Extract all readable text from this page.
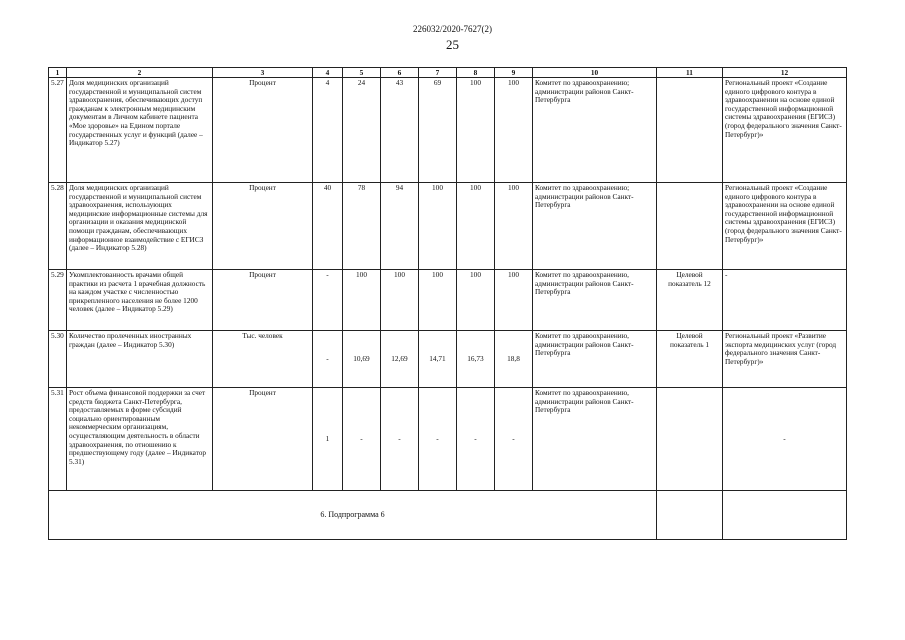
226032/2020-7627(2)
25
1	2	3	4	5	6	7	8	9	10	11	12
5.27	Доля медицинских организаций государственной и муниципальной систем здравоохранения, обеспечивающих доступ гражданам к электронным медицинским документам в Личном кабинете пациента «Мое здоровье» на Едином портале государственных услуг и функций (далее – Индикатор 5.27)	Процент	4	24	43	69	100	100	Комитет по здравоохранению; администрации районов Санкт-Петербурга		Региональный проект «Создание единого цифрового контура в здравоохранении на основе единой государственной информационной системы здравоохранения (ЕГИСЗ) (город федерального значения Санкт-Петербург)»
5.28	Доля медицинских организаций государственной и муниципальной систем здравоохранения, использующих медицинские информационные системы для организации и оказания медицинской помощи гражданам, обеспечивающих информационное взаимодействие с ЕГИСЗ (далее – Индикатор 5.28)	Процент	40	78	94	100	100	100	Комитет по здравоохранению; администрации районов Санкт-Петербурга		Региональный проект «Создание единого цифрового контура в здравоохранении на основе единой государственной информационной системы здравоохранения (ЕГИСЗ) (город федерального значения Санкт-Петербург)»
5.29	Укомплектованность врачами общей практики из расчета 1 врачебная должность на каждом участке с численностью прикрепленного населения не более 1200 человек (далее – Индикатор 5.29)	Процент	-	100	100	100	100	100	Комитет по здравоохранению, администрации районов Санкт-Петербурга	Целевой показатель 12	-
5.30	Количество пролеченных иностранных граждан (далее – Индикатор 5.30)	Тыс. человек	-	10,69	12,69	14,71	16,73	18,8	Комитет по здравоохранению, администрации районов Санкт-Петербурга	Целевой показатель 1	Региональный проект «Развитие экспорта медицинских услуг (город федерального значения Санкт-Петербург)»
5.31	Рост объема финансовой поддержки за счет средств бюджета Санкт-Петербурга, предоставляемых в форме субсидий социально ориентированным некоммерческим организациям, осуществляющим деятельность в области здравоохранения, по отношению к предшествующему году (далее – Индикатор 5.31)	Процент	1	-	-	-	-	-	Комитет по здравоохранению, администрации районов Санкт-Петербурга		-
6. Подпрограмма 6											
